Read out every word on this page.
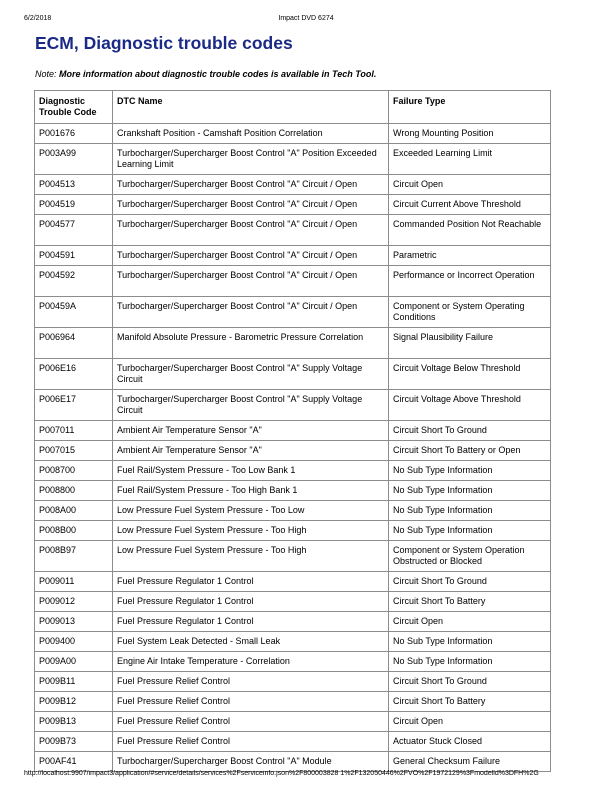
6/2/2018	Impact DVD 6274
ECM, Diagnostic trouble codes

Note: More information about diagnostic trouble codes is available in Tech Tool.

Diagnostic Trouble Code	DTC Name	Failure Type
P001676	Crankshaft Position - Camshaft Position Correlation	Wrong Mounting Position
P003A99	Turbocharger/Supercharger Boost Control "A" Position Exceeded Learning Limit	Exceeded Learning Limit
P004513	Turbocharger/Supercharger Boost Control "A" Circuit / Open	Circuit Open
P004519	Turbocharger/Supercharger Boost Control "A" Circuit / Open	Circuit Current Above Threshold
P004577	Turbocharger/Supercharger Boost Control "A" Circuit / Open	Commanded Position Not Reachable
P004591	Turbocharger/Supercharger Boost Control "A" Circuit / Open	Parametric
P004592	Turbocharger/Supercharger Boost Control "A" Circuit / Open	Performance or Incorrect Operation
P00459A	Turbocharger/Supercharger Boost Control "A" Circuit / Open	Component or System Operating Conditions
P006964	Manifold Absolute Pressure - Barometric Pressure Correlation	Signal Plausibility Failure
P006E16	Turbocharger/Supercharger Boost Control "A" Supply Voltage Circuit	Circuit Voltage Below Threshold
P006E17	Turbocharger/Supercharger Boost Control "A" Supply Voltage Circuit	Circuit Voltage Above Threshold
P007011	Ambient Air Temperature Sensor "A"	Circuit Short To Ground
P007015	Ambient Air Temperature Sensor "A"	Circuit Short To Battery or Open
P008700	Fuel Rail/System Pressure - Too Low Bank 1	No Sub Type Information
P008800	Fuel Rail/System Pressure - Too High Bank 1	No Sub Type Information
P008A00	Low Pressure Fuel System Pressure - Too Low	No Sub Type Information
P008B00	Low Pressure Fuel System Pressure - Too High	No Sub Type Information
P008B97	Low Pressure Fuel System Pressure - Too High	Component or System Operation Obstructed or Blocked
P009011	Fuel Pressure Regulator 1 Control	Circuit Short To Ground
P009012	Fuel Pressure Regulator 1 Control	Circuit Short To Battery
P009013	Fuel Pressure Regulator 1 Control	Circuit Open
P009400	Fuel System Leak Detected - Small Leak	No Sub Type Information
P009A00	Engine Air Intake Temperature - Correlation	No Sub Type Information
P009B11	Fuel Pressure Relief Control	Circuit Short To Ground
P009B12	Fuel Pressure Relief Control	Circuit Short To Battery
P009B13	Fuel Pressure Relief Control	Circuit Open
P009B73	Fuel Pressure Relief Control	Actuator Stuck Closed
P00AF41	Turbocharger/Supercharger Boost Control "A" Module	General Checksum Failure
http://localhost:9907/impact3/application/#service/details/services%2Fserviceinfo.json%2F800003828 1%2F132050446%2FVO%2F1972129%3Fmodelld%3DFH%2G
